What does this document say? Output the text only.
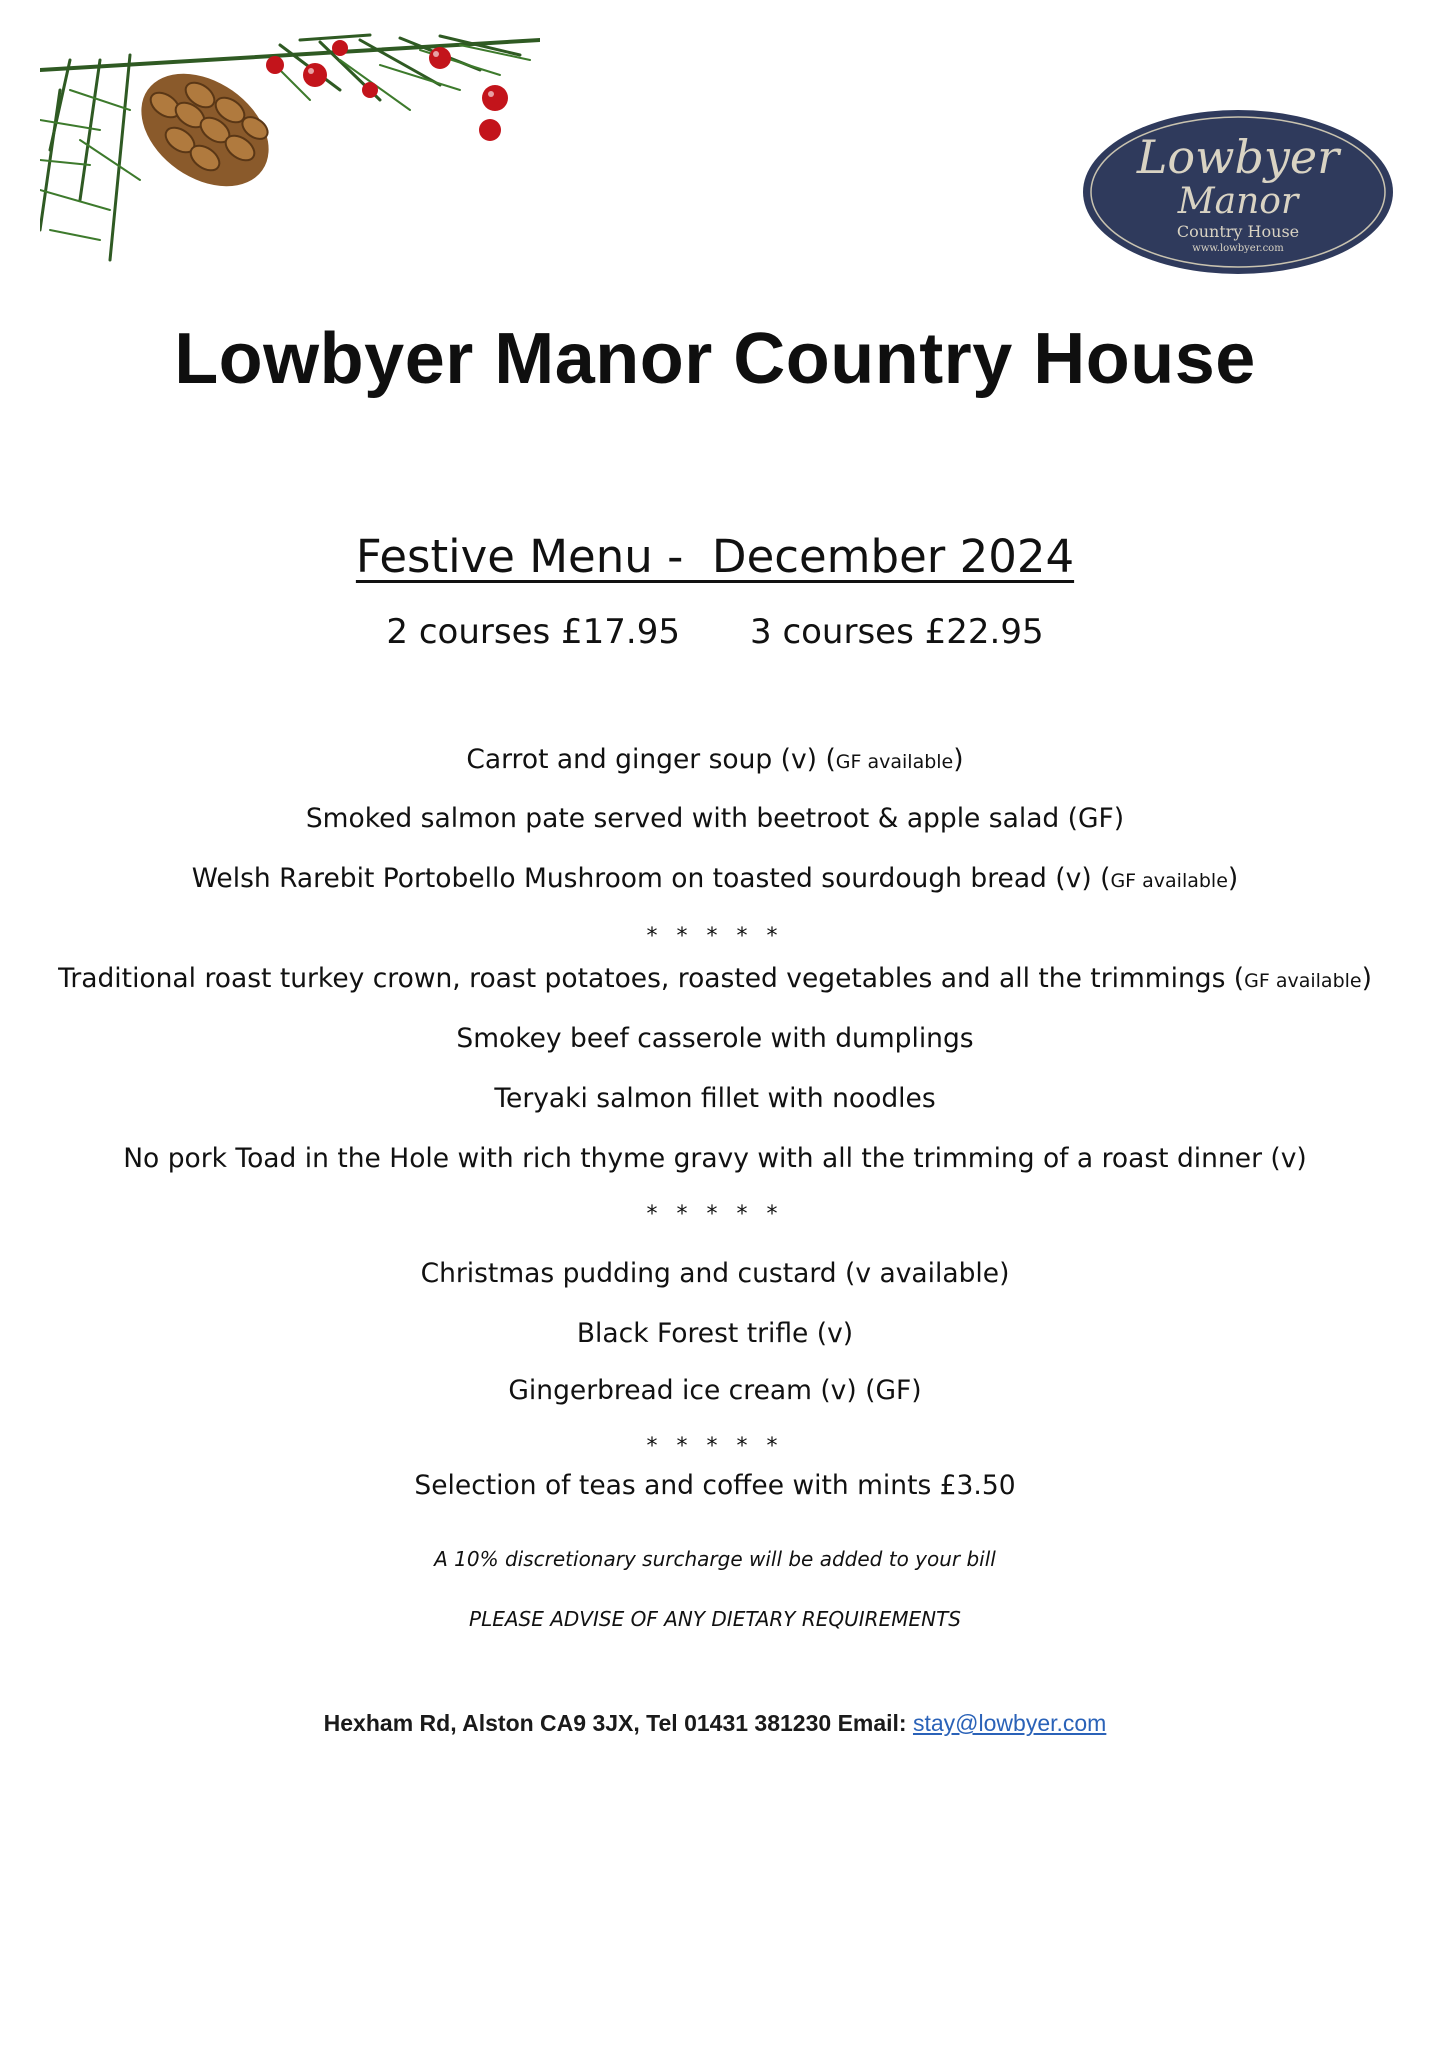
Lowbyer
Manor
Country House
www.lowbyer.com
Lowbyer Manor Country House
Festive Menu -  December 2024

2 courses £17.95 3 courses £22.95

Carrot and ginger soup (v) (GF available)

Smoked salmon pate served with beetroot & apple salad (GF)

Welsh Rarebit Portobello Mushroom on toasted sourdough bread (v) (GF available)

* * * * *

Traditional roast turkey crown, roast potatoes, roasted vegetables and all the trimmings (GF available)

Smokey beef casserole with dumplings

Teryaki salmon fillet with noodles

No pork Toad in the Hole with rich thyme gravy with all the trimming of a roast dinner (v)

* * * * *

Christmas pudding and custard (v available)

Black Forest trifle (v)

Gingerbread ice cream (v) (GF)

* * * * *

Selection of teas and coffee with mints £3.50

A 10% discretionary surcharge will be added to your bill

PLEASE ADVISE OF ANY DIETARY REQUIREMENTS

Hexham Rd, Alston CA9 3JX, Tel 01431 381230 Email: stay@lowbyer.com
